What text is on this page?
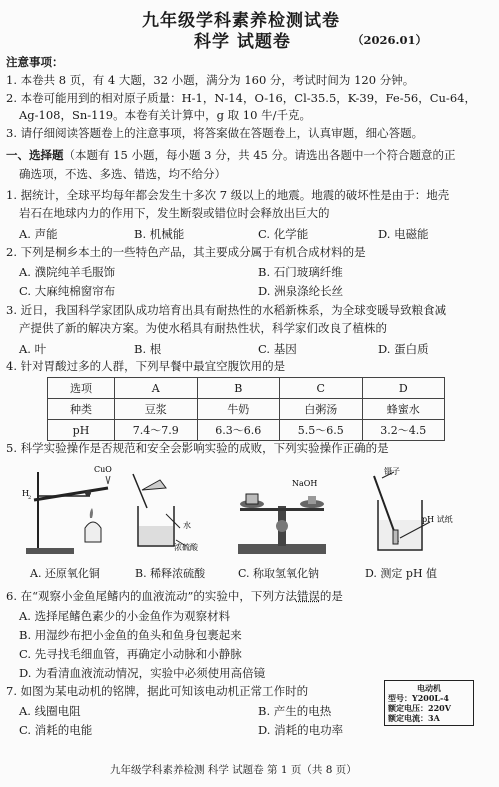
九年级学科素养检测试卷
科学 试题卷	（2026.01）
注意事项：
1. 本卷共 8 页，有 4 大题，32 小题，满分为 160 分，考试时间为 120 分钟。
2. 本卷可能用到的相对原子质量：H-1，N-14，O-16，Cl-35.5，K-39，Fe-56，Cu-64，
Ag-108，Sn-119。本卷有关计算中，g 取 10 牛/千克。
3. 请仔细阅读答题卷上的注意事项，将答案做在答题卷上，认真审题，细心答题。
一、选择题（本题有 15 小题，每小题 3 分，共 45 分。请选出各题中一个符合题意的正
确选项，不选、多选、错选，均不给分）
1. 据统计，全球平均每年都会发生十多次 7 级以上的地震。地震的破坏性是由于：地壳
岩石在地球内力的作用下，发生断裂或错位时会释放出巨大的
A. 声能	B. 机械能	C. 化学能	D. 电磁能
2. 下列是桐乡本土的一些特色产品，其主要成分属于有机合成材料的是
A. 濮院纯羊毛服饰	B. 石门玻璃纤维
C. 大麻纯棉窗帘布	D. 洲泉涤纶长丝
3. 近日，我国科学家团队成功培育出具有耐热性的水稻新株系，为全球变暖导致粮食减
产提供了新的解决方案。为使水稻具有耐热性状，科学家们改良了植株的
A. 叶	B. 根	C. 基因	D. 蛋白质
4. 针对胃酸过多的人群，下列早餐中最宜空腹饮用的是
选项	A	B	C	D
种类	豆浆	牛奶	白粥汤	蜂蜜水
pH	7.4～7.9	6.3～6.6	5.5～6.5	3.2～4.5
5. 科学实验操作是否规范和安全会影响实验的成败，下列实验操作正确的是
H 2
CuO
水
浓硫酸
NaOH
镊子
pH 试纸
A. 还原氧化铜	B. 稀释浓硫酸	C. 称取氢氧化钠	D. 测定 pH 值
6. 在“观察小金鱼尾鳍内的血液流动”的实验中，下列方法错误的是
A. 选择尾鳍色素少的小金鱼作为观察材料
B. 用湿纱布把小金鱼的鱼头和鱼身包裹起来
C. 先寻找毛细血管，再确定小动脉和小静脉
D. 为看清血液流动情况，实验中必须使用高倍镜
7. 如图为某电动机的铭牌，据此可知该电动机正常工作时的
A. 线圈电阻	B. 产生的电热
C. 消耗的电能	D. 消耗的电功率
电动机
型号：Y200L-4
额定电压：220V
额定电流：3A
九年级学科素养检测 科学 试题卷 第 1 页（共 8 页）
